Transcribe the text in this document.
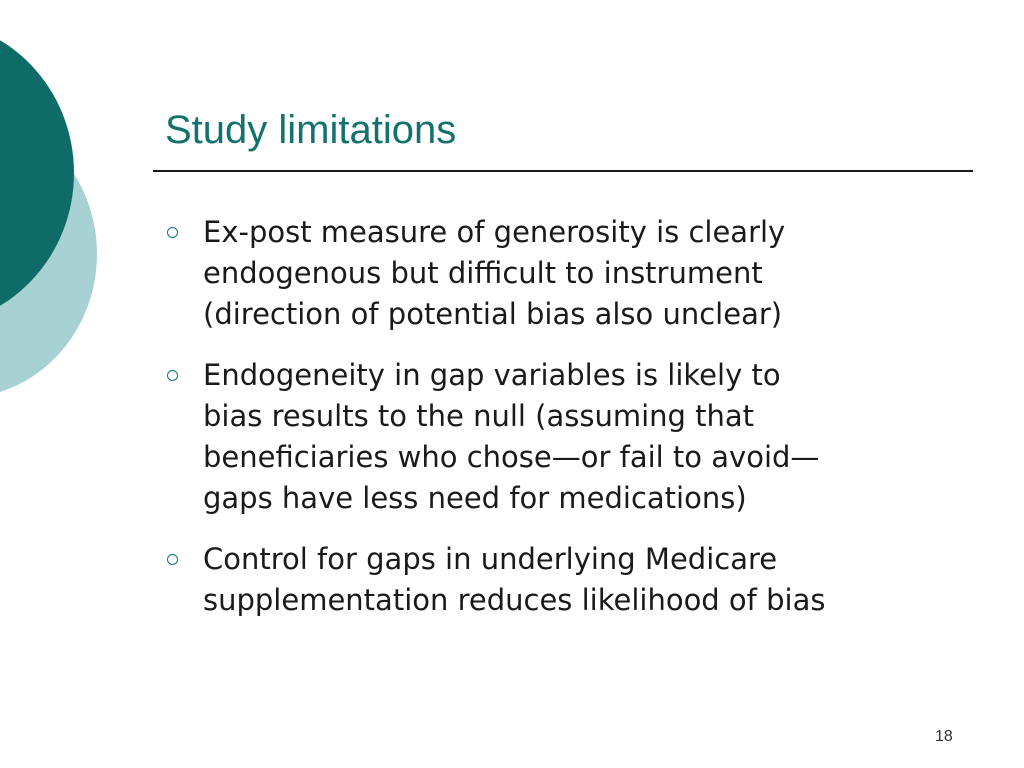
Study limitations
Ex-post measure of generosity is clearly
endogenous but difficult to instrument
(direction of potential bias also unclear)
Endogeneity in gap variables is likely to
bias results to the null (assuming that
beneficiaries who chose—or fail to avoid—
gaps have less need for medications)
Control for gaps in underlying Medicare
supplementation reduces likelihood of bias
18
